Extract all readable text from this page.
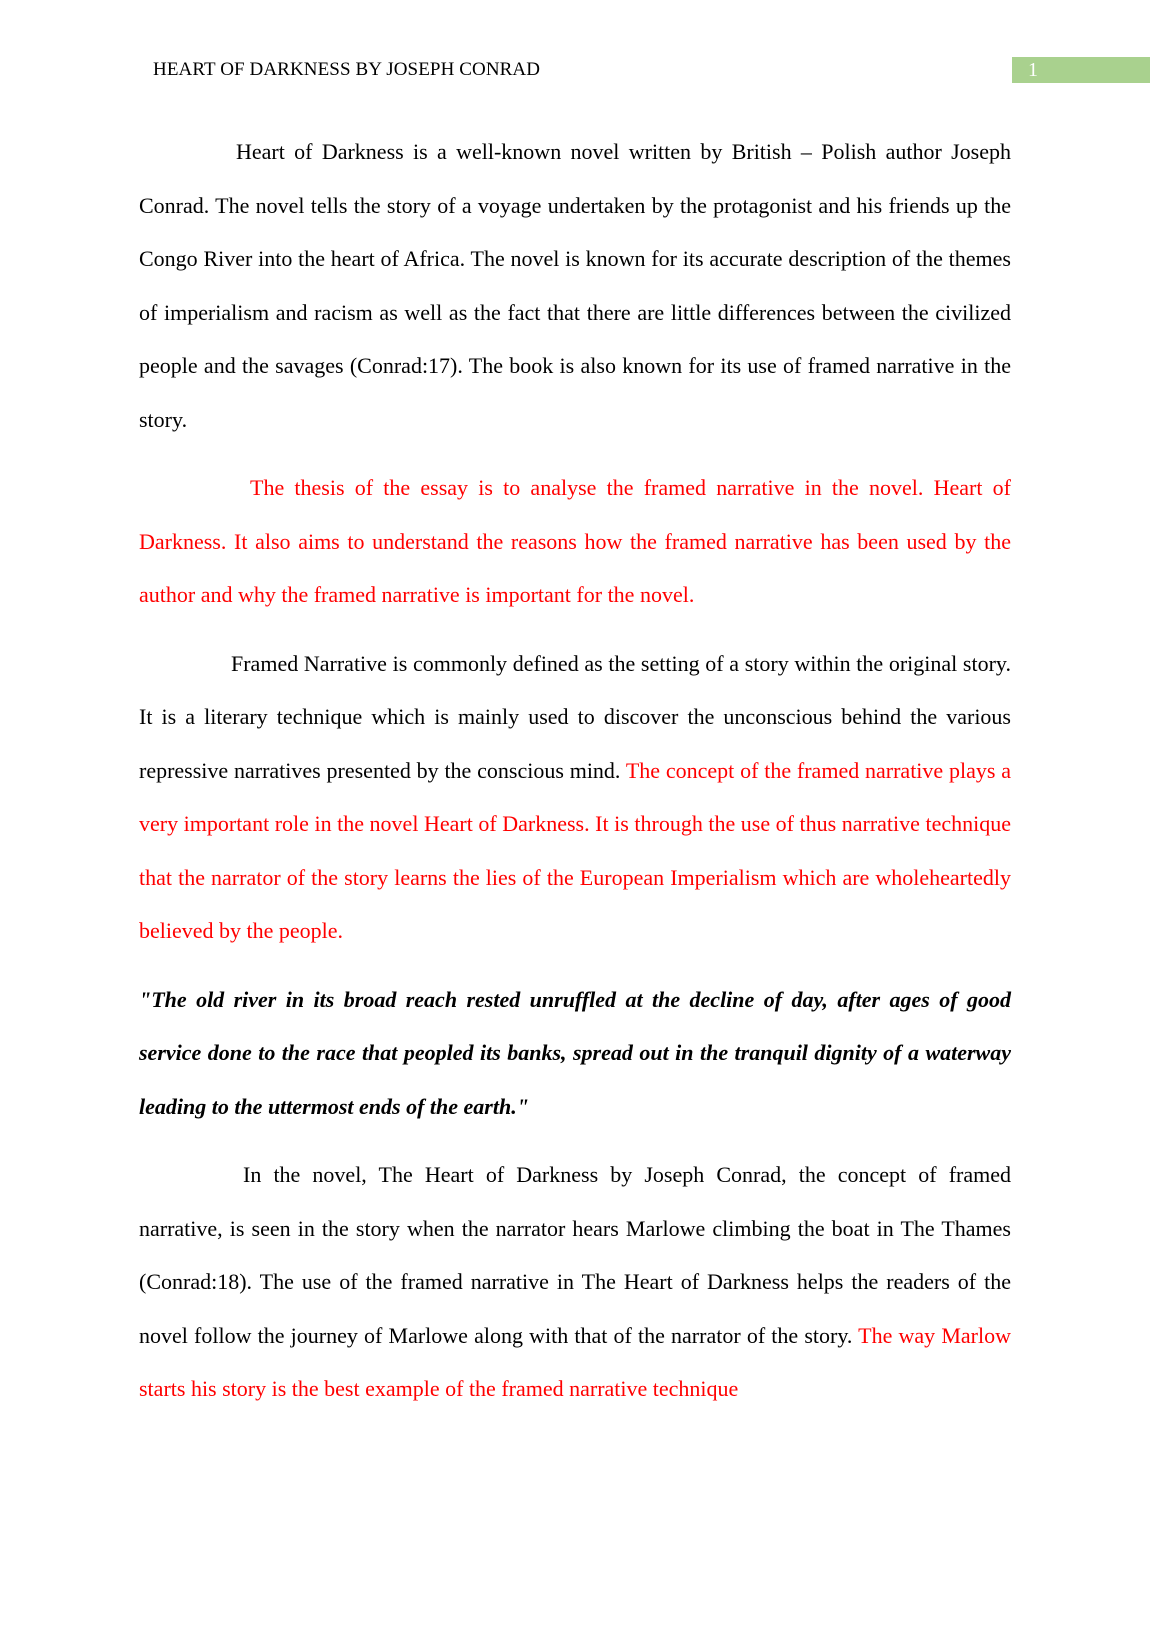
HEART OF DARKNESS BY JOSEPH CONRAD	1

Heart of Darkness is a well-known novel written by British – Polish author Joseph Conrad. The novel tells the story of a voyage undertaken by the protagonist and his friends up the Congo River into the heart of Africa. The novel is known for its accurate description of the themes of imperialism and racism as well as the fact that there are little differences between the civilized people and the savages (Conrad:17). The book is also known for its use of framed narrative in the story.

The thesis of the essay is to analyse the framed narrative in the novel. Heart of Darkness. It also aims to understand the reasons how the framed narrative has been used by the author and why the framed narrative is important for the novel.

Framed Narrative is commonly defined as the setting of a story within the original story. It is a literary technique which is mainly used to discover the unconscious behind the various repressive narratives presented by the conscious mind. The concept of the framed narrative plays a very important role in the novel Heart of Darkness. It is through the use of thus narrative technique that the narrator of the story learns the lies of the European Imperialism which are wholeheartedly believed by the people.

"The old river in its broad reach rested unruffled at the decline of day, after ages of good service done to the race that peopled its banks, spread out in the tranquil dignity of a waterway leading to the uttermost ends of the earth."

In the novel, The Heart of Darkness by Joseph Conrad, the concept of framed narrative, is seen in the story when the narrator hears Marlowe climbing the boat in The Thames (Conrad:18). The use of the framed narrative in The Heart of Darkness helps the readers of the novel follow the journey of Marlowe along with that of the narrator of the story. The way Marlow starts his story is the best example of the framed narrative technique
